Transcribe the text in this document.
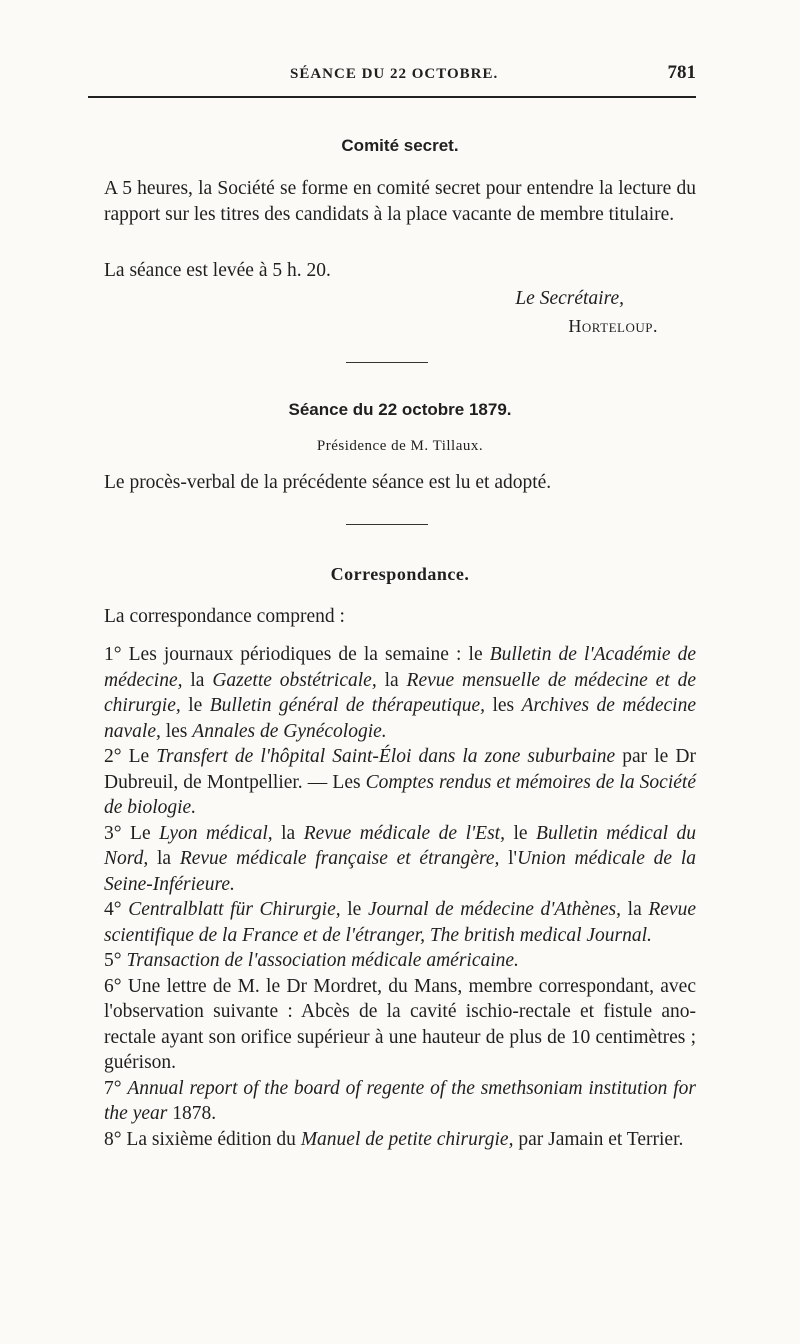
SÉANCE DU 22 OCTOBRE.	781
Comité secret.

A 5 heures, la Société se forme en comité secret pour entendre la lecture du rapport sur les titres des candidats à la place vacante de membre titulaire.

La séance est levée à 5 h. 20.

Le Secrétaire,
Horteloup.
Séance du 22 octobre 1879.
Présidence de M. Tillaux.

Le procès-verbal de la précédente séance est lu et adopté.

Correspondance.

La correspondance comprend :

1° Les journaux périodiques de la semaine : le Bulletin de l'Académie de médecine, la Gazette obstétricale, la Revue mensuelle de médecine et de chirurgie, le Bulletin général de thérapeutique, les Archives de médecine navale, les Annales de Gynécologie.

2° Le Transfert de l'hôpital Saint-Éloi dans la zone suburbaine par le Dr Dubreuil, de Montpellier. — Les Comptes rendus et mémoires de la Société de biologie.

3° Le Lyon médical, la Revue médicale de l'Est, le Bulletin médical du Nord, la Revue médicale française et étrangère, l'Union médicale de la Seine-Inférieure.

4° Centralblatt für Chirurgie, le Journal de médecine d'Athènes, la Revue scientifique de la France et de l'étranger, The british medical Journal.

5° Transaction de l'association médicale américaine.

6° Une lettre de M. le Dr Mordret, du Mans, membre correspondant, avec l'observation suivante : Abcès de la cavité ischio-rectale et fistule ano-rectale ayant son orifice supérieur à une hauteur de plus de 10 centimètres ; guérison.

7° Annual report of the board of regente of the smethsoniam institution for the year 1878.

8° La sixième édition du Manuel de petite chirurgie, par Jamain et Terrier.
